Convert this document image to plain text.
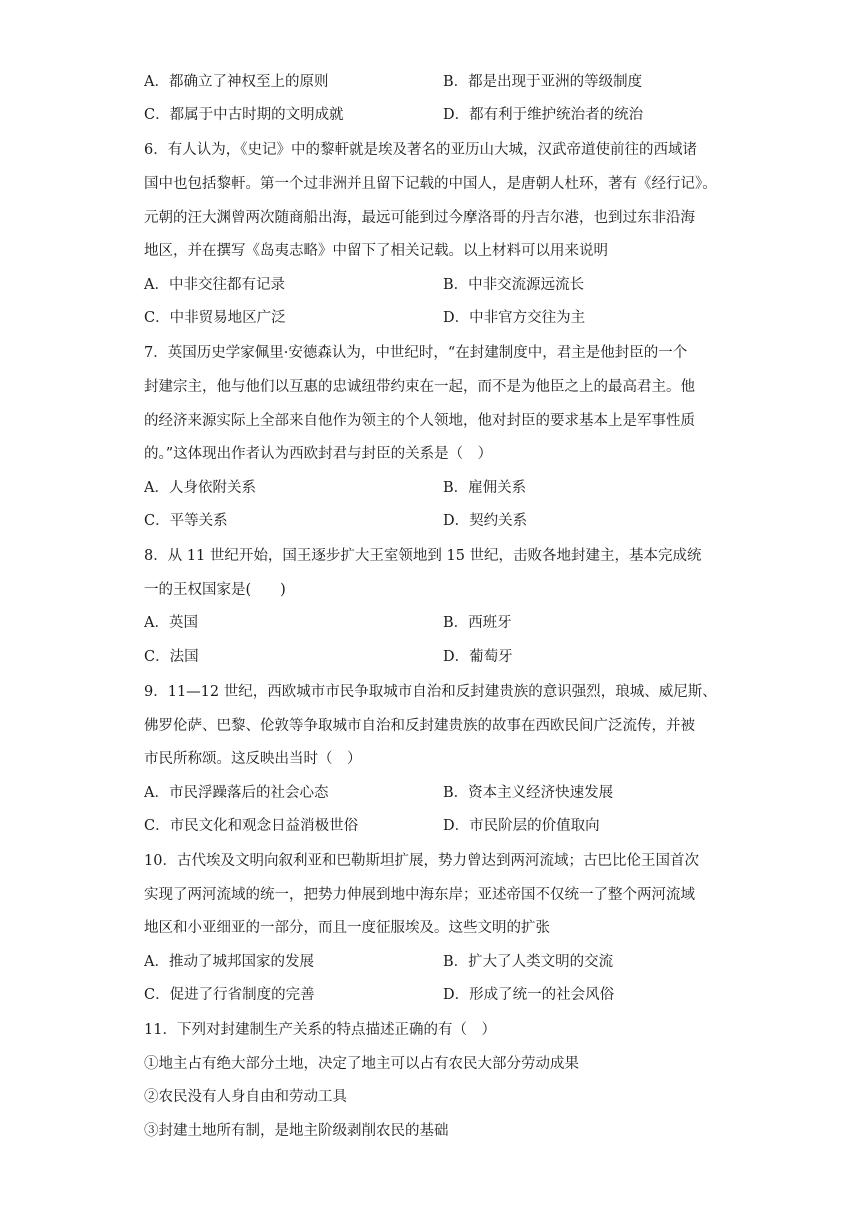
A．都确立了神权至上的原则	B．都是出现于亚洲的等级制度
C．都属于中古时期的文明成就	D．都有利于维护统治者的统治
6．有人认为，《史记》中的黎軒就是埃及著名的亚历山大城，汉武帝道使前往的西域诸
国中也包括黎軒。第一个过非洲并且留下记载的中国人，是唐朝人杜环，著有《经行记》。
元朝的汪大渊曾两次随商船出海，最远可能到过今摩洛哥的丹吉尔港，也到过东非沿海
地区，并在撰写《岛夷志略》中留下了相关记载。以上材料可以用来说明
A．中非交往都有记录	B．中非交流源远流长
C．中非贸易地区广泛	D．中非官方交往为主
7．英国历史学家佩里·安德森认为，中世纪时，“在封建制度中，君主是他封臣的一个
封建宗主，他与他们以互惠的忠诚纽带约束在一起，而不是为他臣之上的最高君主。他
的经济来源实际上全部来自他作为领主的个人领地，他对封臣的要求基本上是军事性质
的。”这体现出作者认为西欧封君与封臣的关系是（　）
A．人身依附关系	B．雇佣关系
C．平等关系	D．契约关系
8．从 11 世纪开始，国王逐步扩大王室领地到 15 世纪，击败各地封建主，基本完成统
一的王权国家是(　　)
A．英国	B．西班牙
C．法国	D．葡萄牙
9．11—12 世纪，西欧城市市民争取城市自治和反封建贵族的意识强烈，琅城、威尼斯、
佛罗伦萨、巴黎、伦敦等争取城市自治和反封建贵族的故事在西欧民间广泛流传，并被
市民所称颂。这反映出当时（　）
A．市民浮躁落后的社会心态	B．资本主义经济快速发展
C．市民文化和观念日益消极世俗	D．市民阶层的价值取向
10．古代埃及文明向叙利亚和巴勒斯坦扩展，势力曾达到两河流域；古巴比伦王国首次
实现了两河流域的统一，把势力伸展到地中海东岸；亚述帝国不仅统一了整个两河流域
地区和小亚细亚的一部分，而且一度征服埃及。这些文明的扩张
A．推动了城邦国家的发展	B．扩大了人类文明的交流
C．促进了行省制度的完善	D．形成了统一的社会风俗
11．下列对封建制生产关系的特点描述正确的有（　）
①地主占有绝大部分土地，决定了地主可以占有农民大部分劳动成果
②农民没有人身自由和劳动工具
③封建土地所有制，是地主阶级剥削农民的基础
